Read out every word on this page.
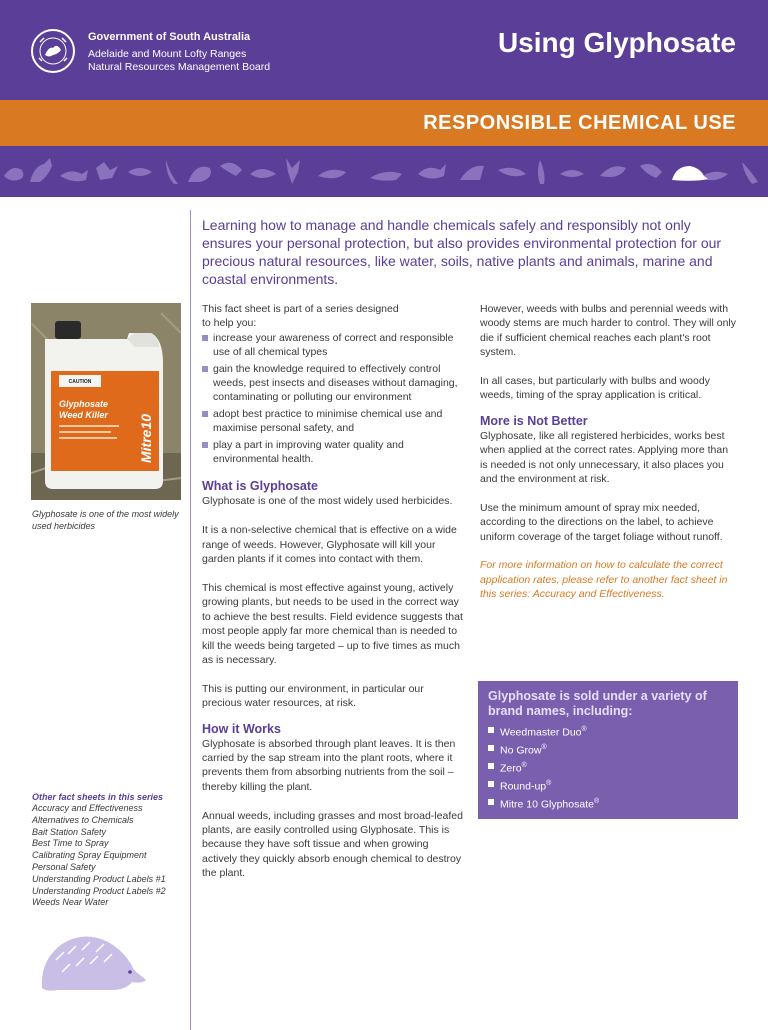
Government of South Australia
Adelaide and Mount Lofty Ranges
Natural Resources Management Board
Using Glyphosate
RESPONSIBLE CHEMICAL USE
Learning how to manage and handle chemicals safely and responsibly not only ensures your personal protection, but also provides environmental protection for our precious natural resources, like water, soils, native plants and animals, marine and coastal environments.
CAUTION
Glyphosate
Weed Killer Mitre10
Glyphosate is one of the most widely used herbicides

This fact sheet is part of a series designed

to help you:

increase your awareness of correct and responsible use of all chemical types
gain the knowledge required to effectively control weeds, pest insects and diseases without damaging, contaminating or polluting our environment
adopt best practice to minimise chemical use and maximise personal safety, and
play a part in improving water quality and environmental health.
What is Glyphosate

Glyphosate is one of the most widely used herbicides.

It is a non-selective chemical that is effective on a wide range of weeds. However, Glyphosate will kill your garden plants if it comes into contact with them.

This chemical is most effective against young, actively growing plants, but needs to be used in the correct way to achieve the best results. Field evidence suggests that most people apply far more chemical than is needed to kill the weeds being targeted – up to five times as much as is necessary.

This is putting our environment, in particular our precious water resources, at risk.

How it Works

Glyphosate is absorbed through plant leaves. It is then carried by the sap stream into the plant roots, where it prevents them from absorbing nutrients from the soil – thereby killing the plant.

Annual weeds, including grasses and most broad-leafed plants, are easily controlled using Glyphosate. This is because they have soft tissue and when growing actively they quickly absorb enough chemical to destroy the plant.

However, weeds with bulbs and perennial weeds with woody stems are much harder to control. They will only die if sufficient chemical reaches each plant's root system.

In all cases, but particularly with bulbs and woody weeds, timing of the spray application is critical.

More is Not Better

Glyphosate, like all registered herbicides, works best when applied at the correct rates. Applying more than is needed is not only unnecessary, it also places you and the environment at risk.

Use the minimum amount of spray mix needed, according to the directions on the label, to achieve uniform coverage of the target foliage without runoff.

For more information on how to calculate the correct application rates, please refer to another fact sheet in this series: Accuracy and Effectiveness.

Glyphosate is sold under a variety of brand names, including:
Weedmaster Duo®
No Grow®
Zero®
Round-up®
Mitre 10 Glyphosate®
Other fact sheets in this series
Accuracy and Effectiveness
Alternatives to Chemicals
Bait Station Safety
Best Time to Spray
Calibrating Spray Equipment
Personal Safety
Understanding Product Labels #1
Understanding Product Labels #2
Weeds Near Water
